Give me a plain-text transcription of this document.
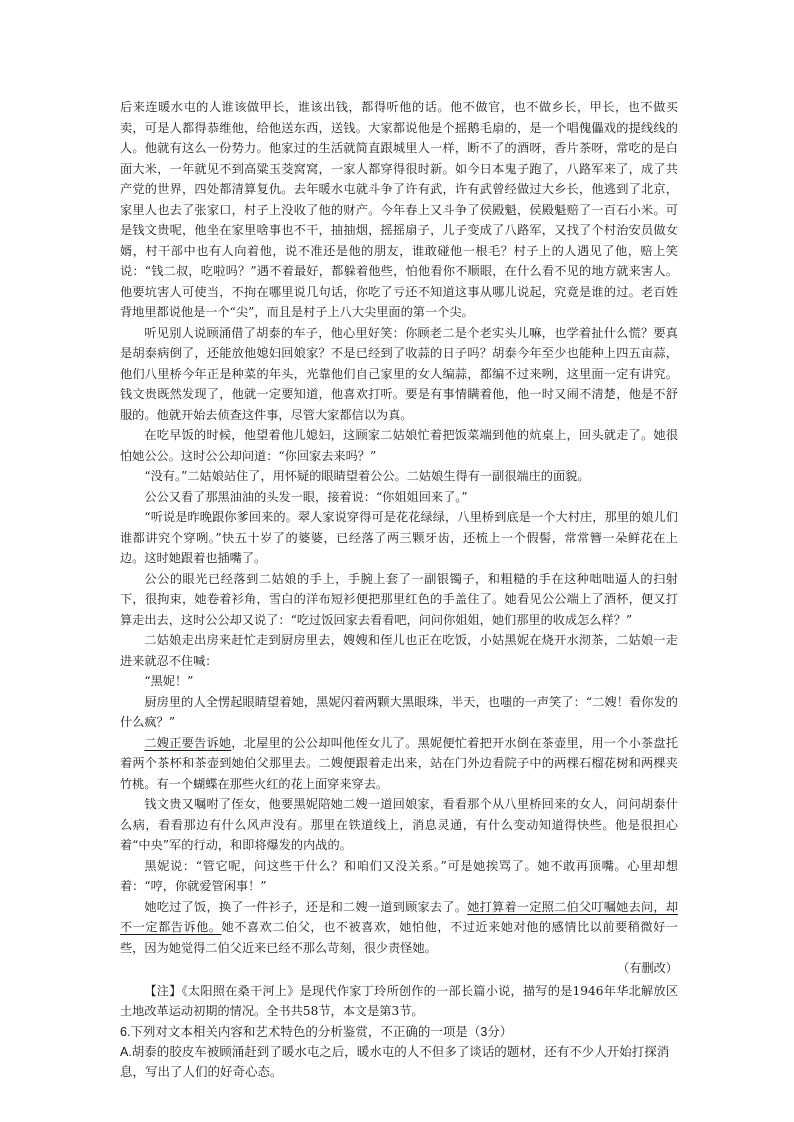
后来连暖水屯的人谁该做甲长，谁该出钱，都得听他的话。他不做官，也不做乡长，甲长，也不做买卖，可是人都得恭维他，给他送东西，送钱。大家都说他是个摇鹅毛扇的，是一个唱傀儡戏的提线线的人。他就有这么一份势力。他家过的生活就简直跟城里人一样，断不了的酒呀，香片茶呀，常吃的是白面大米，一年就见不到高粱玉茭窝窝，一家人都穿得很时新。如今日本鬼子跑了，八路军来了，成了共产党的世界，四处都清算复仇。去年暖水屯就斗争了许有武，许有武曾经做过大乡长，他逃到了北京，家里人也去了张家口，村子上没收了他的财产。今年春上又斗争了侯殿魁，侯殿魁赔了一百石小米。可是钱文贵呢，他坐在家里啥事也不干，抽抽烟，摇摇扇子，儿子变成了八路军，又找了个村治安员做女婿，村干部中也有人向着他，说不准还是他的朋友，谁敢碰他一根毛？村子上的人遇见了他，赔上笑说：“钱二叔，吃啦吗？”遇不着最好，都躲着他些，怕他看你不顺眼，在什么看不见的地方就来害人。他要坑害人可使当，不拘在哪里说几句话，你吃了亏还不知道这事从哪儿说起，究竟是谁的过。老百姓背地里都说他是一个“尖”，而且是村子上八大尖里面的第一个尖。

听见别人说顾涌借了胡泰的车子，他心里好笑：你顾老二是个老实头儿嘛，也学着扯什么慌？要真是胡泰病倒了，还能放他媳妇回娘家？不是已经到了收蒜的日子吗？胡泰今年至少也能种上四五亩蒜，他们八里桥今年正是种菜的年头，光靠他们自己家里的女人编蒜，都编不过来咧，这里面一定有讲究。钱文贵既然发现了，他就一定要知道，他喜欢打听。要是有事情瞒着他，他一时又闹不清楚，他是不舒服的。他就开始去侦查这件事，尽管大家都信以为真。

在吃早饭的时候，他望着他儿媳妇，这顾家二姑娘忙着把饭菜端到他的炕桌上，回头就走了。她很怕她公公。这时公公却问道：“你回家去来吗？”

“没有。”二姑娘站住了，用怀疑的眼睛望着公公。二姑娘生得有一副很端庄的面貌。

公公又看了那黑油油的头发一眼，接着说：“你姐姐回来了。”

“听说是昨晚跟你爹回来的。翠人家说穿得可是花花绿绿，八里桥到底是一个大村庄，那里的娘儿们谁都讲究个穿咧。”快五十岁了的婆婆，已经落了两三颗牙齿，还梳上一个假髻，常常簪一朵鲜花在上边。这时她跟着也插嘴了。

公公的眼光已经落到二姑娘的手上，手腕上套了一副银镯子，和粗糙的手在这种咄咄逼人的扫射下，很拘束，她卷着衫角，雪白的洋布短衫便把那里红色的手盖住了。她看见公公端上了酒杯，便又打算走出去，这时公公却又说了：“吃过饭回家去看看吧，问问你姐姐，她们那里的收成怎么样？”

二姑娘走出房来赶忙走到厨房里去，嫂嫂和侄儿也正在吃饭，小姑黑妮在烧开水沏茶，二姑娘一走进来就忍不住喊：

“黑妮！”

厨房里的人全愣起眼睛望着她，黑妮闪着两颗大黑眼珠，半天，也嗤的一声笑了：“二嫂！看你发的什么疯？”

二嫂正要告诉她，北屋里的公公却叫他侄女儿了。黑妮便忙着把开水倒在茶壶里，用一个小茶盘托着两个茶杯和茶壶到她伯父那里去。二嫂便跟着走出来，站在门外边看院子中的两棵石榴花树和两棵夹竹桃。有一个蝴蝶在那些火红的花上面穿来穿去。

钱文贵又嘱咐了侄女，他要黑妮陪她二嫂一道回娘家，看看那个从八里桥回来的女人，问问胡泰什么病，看看那边有什么风声没有。那里在铁道线上，消息灵通，有什么变动知道得快些。他是很担心着“中央”军的行动，和即将爆发的内战的。

黑妮说：“管它呢，问这些干什么？和咱们又没关系。”可是她挨骂了。她不敢再顶嘴。心里却想着：“哼，你就爱管闲事！”

她吃过了饭，换了一件衫子，还是和二嫂一道到顾家去了。她打算着一定照二伯父叮嘱她去问，却不一定都告诉他。她不喜欢二伯父，也不被喜欢，她怕他，不过近来她对他的感情比以前要稍微好一些，因为她觉得二伯父近来已经不那么苛刻，很少责怪她。

（有删改）

【注】《太阳照在桑干河上》是现代作家丁玲所创作的一部长篇小说，描写的是1946年华北解放区土地改革运动初期的情况。全书共58节，本文是第3节。

6.下列对文本相关内容和艺术特色的分析鉴赏，不正确的一项是（3分）

A.胡泰的胶皮车被顾涌赶到了暖水屯之后，暖水屯的人不但多了谈话的题材，还有不少人开始打探消息，写出了人们的好奇心态。
